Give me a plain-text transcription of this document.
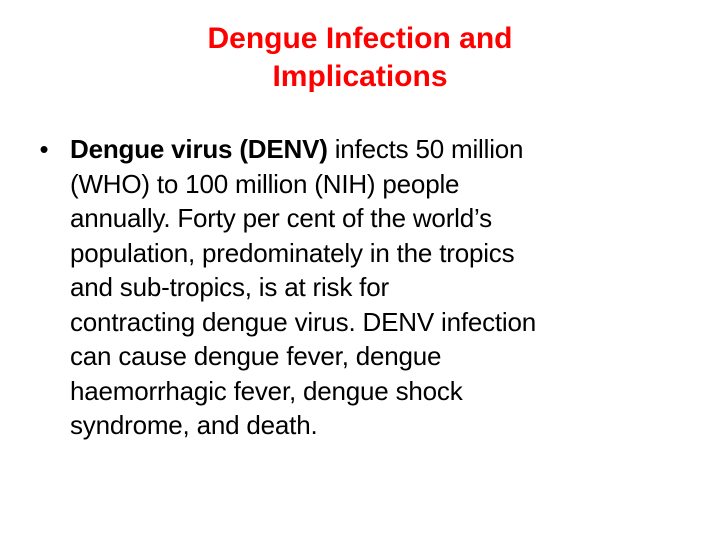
Dengue Infection and
Implications
• Dengue virus (DENV) infects 50 million
(WHO) to 100 million (NIH) people
annually. Forty per cent of the world’s
population, predominately in the tropics
and sub-tropics, is at risk for
contracting dengue virus. DENV infection
can cause dengue fever, dengue
haemorrhagic fever, dengue shock
syndrome, and death.
